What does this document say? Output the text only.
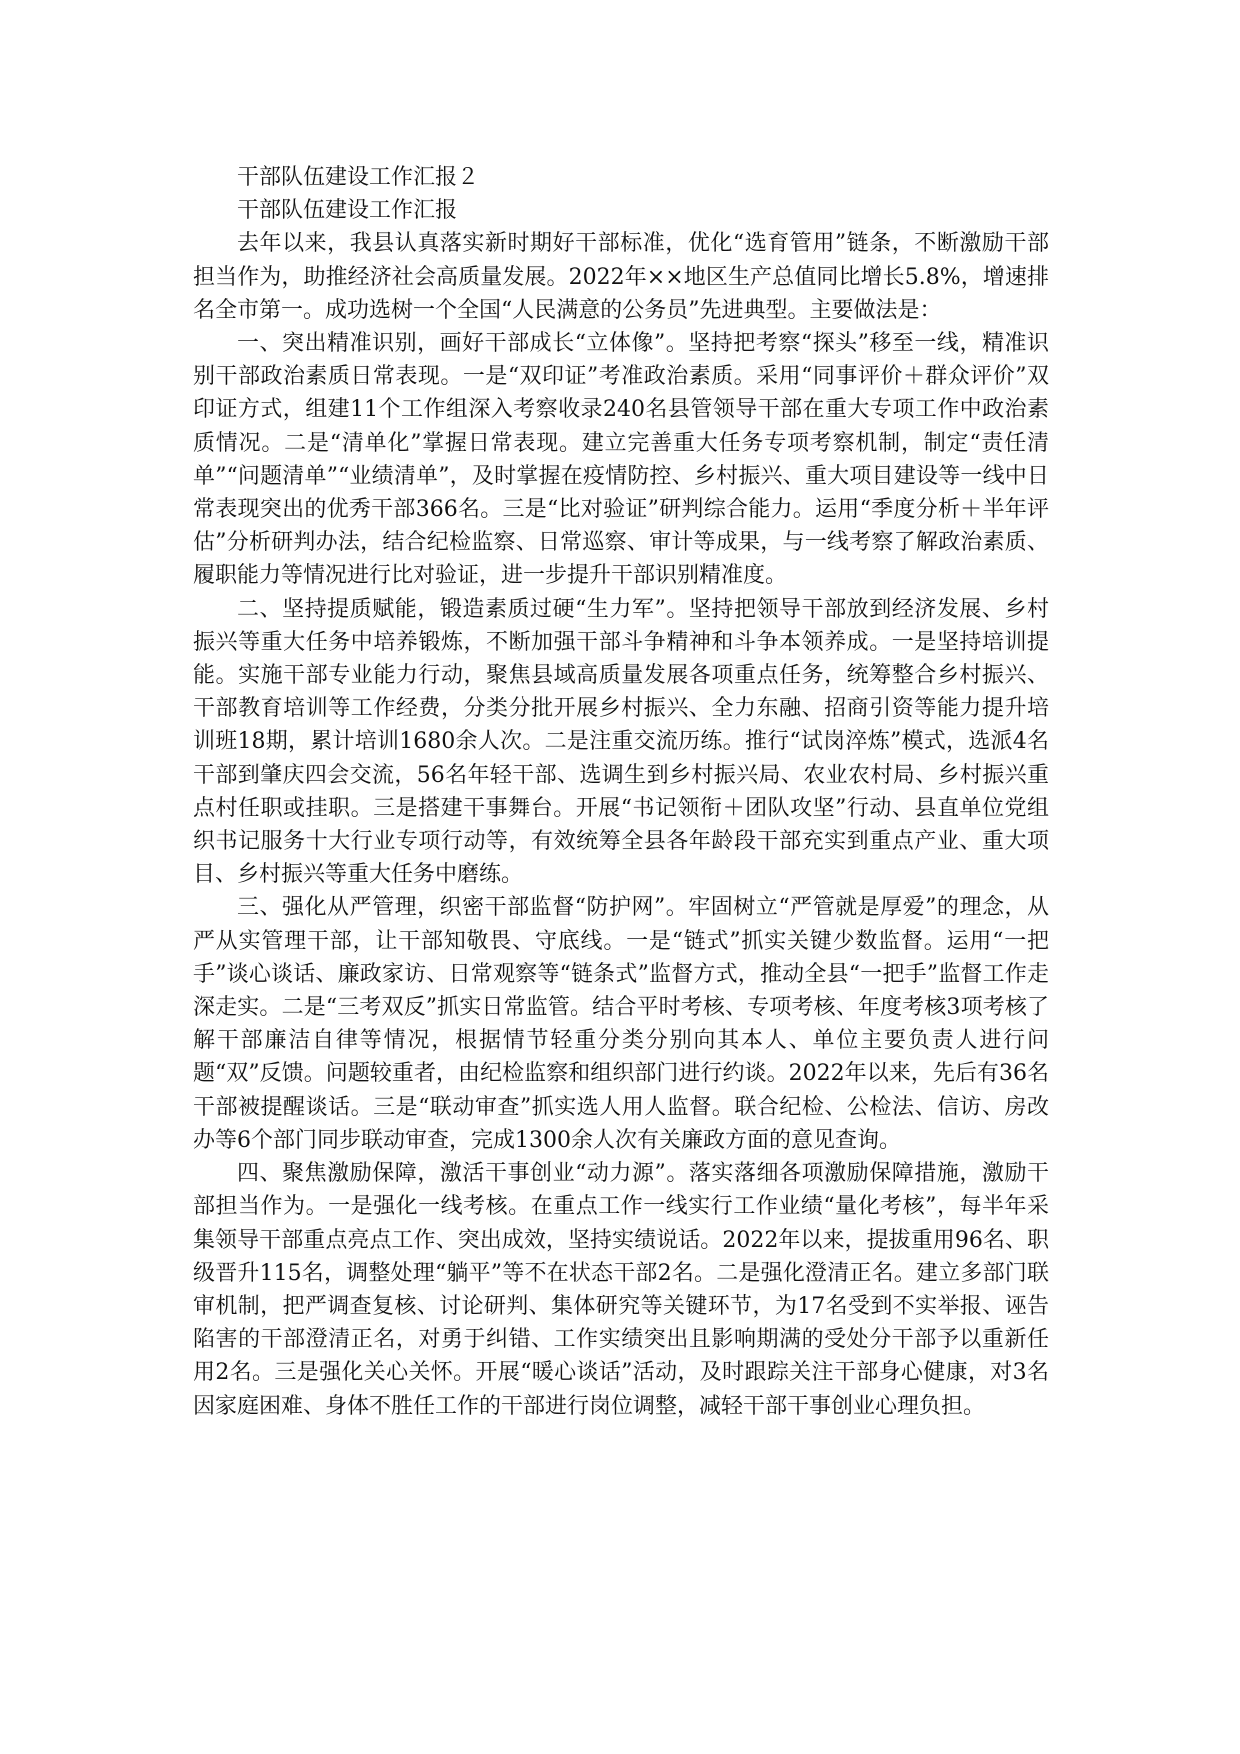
干部队伍建设工作汇报２

干部队伍建设工作汇报

去年以来，我县认真落实新时期好干部标准，优化“选育管用”链条，不断激励干部担当作为，助推经济社会高质量发展。2022年××地区生产总值同比增长5.8%，增速排名全市第一。成功选树一个全国“人民满意的公务员”先进典型。主要做法是：

一、突出精准识别，画好干部成长“立体像”。坚持把考察“探头”移至一线，精准识别干部政治素质日常表现。一是“双印证”考准政治素质。采用“同事评价＋群众评价”双印证方式，组建11个工作组深入考察收录240名县管领导干部在重大专项工作中政治素质情况。二是“清单化”掌握日常表现。建立完善重大任务专项考察机制，制定“责任清单”“问题清单”“业绩清单”，及时掌握在疫情防控、乡村振兴、重大项目建设等一线中日常表现突出的优秀干部366名。三是“比对验证”研判综合能力。运用“季度分析＋半年评估”分析研判办法，结合纪检监察、日常巡察、审计等成果，与一线考察了解政治素质、履职能力等情况进行比对验证，进一步提升干部识别精准度。

二、坚持提质赋能，锻造素质过硬“生力军”。坚持把领导干部放到经济发展、乡村振兴等重大任务中培养锻炼，不断加强干部斗争精神和斗争本领养成。一是坚持培训提能。实施干部专业能力行动，聚焦县域高质量发展各项重点任务，统筹整合乡村振兴、干部教育培训等工作经费，分类分批开展乡村振兴、全力东融、招商引资等能力提升培训班18期，累计培训1680余人次。二是注重交流历练。推行“试岗淬炼”模式，选派4名干部到肇庆四会交流，56名年轻干部、选调生到乡村振兴局、农业农村局、乡村振兴重点村任职或挂职。三是搭建干事舞台。开展“书记领衔＋团队攻坚”行动、县直单位党组织书记服务十大行业专项行动等，有效统筹全县各年龄段干部充实到重点产业、重大项目、乡村振兴等重大任务中磨练。

三、强化从严管理，织密干部监督“防护网”。牢固树立“严管就是厚爱”的理念，从严从实管理干部，让干部知敬畏、守底线。一是“链式”抓实关键少数监督。运用“一把手”谈心谈话、廉政家访、日常观察等“链条式”监督方式，推动全县“一把手”监督工作走深走实。二是“三考双反”抓实日常监管。结合平时考核、专项考核、年度考核3项考核了解干部廉洁自律等情况，根据情节轻重分类分别向其本人、单位主要负责人进行问题“双”反馈。问题较重者，由纪检监察和组织部门进行约谈。2022年以来，先后有36名干部被提醒谈话。三是“联动审查”抓实选人用人监督。联合纪检、公检法、信访、房改办等6个部门同步联动审查，完成1300余人次有关廉政方面的意见查询。

四、聚焦激励保障，激活干事创业“动力源”。落实落细各项激励保障措施，激励干部担当作为。一是强化一线考核。在重点工作一线实行工作业绩“量化考核”，每半年采集领导干部重点亮点工作、突出成效，坚持实绩说话。2022年以来，提拔重用96名、职级晋升115名，调整处理“躺平”等不在状态干部2名。二是强化澄清正名。建立多部门联审机制，把严调查复核、讨论研判、集体研究等关键环节，为17名受到不实举报、诬告陷害的干部澄清正名，对勇于纠错、工作实绩突出且影响期满的受处分干部予以重新任用2名。三是强化关心关怀。开展“暖心谈话”活动，及时跟踪关注干部身心健康，对3名因家庭困难、身体不胜任工作的干部进行岗位调整，减轻干部干事创业心理负担。
